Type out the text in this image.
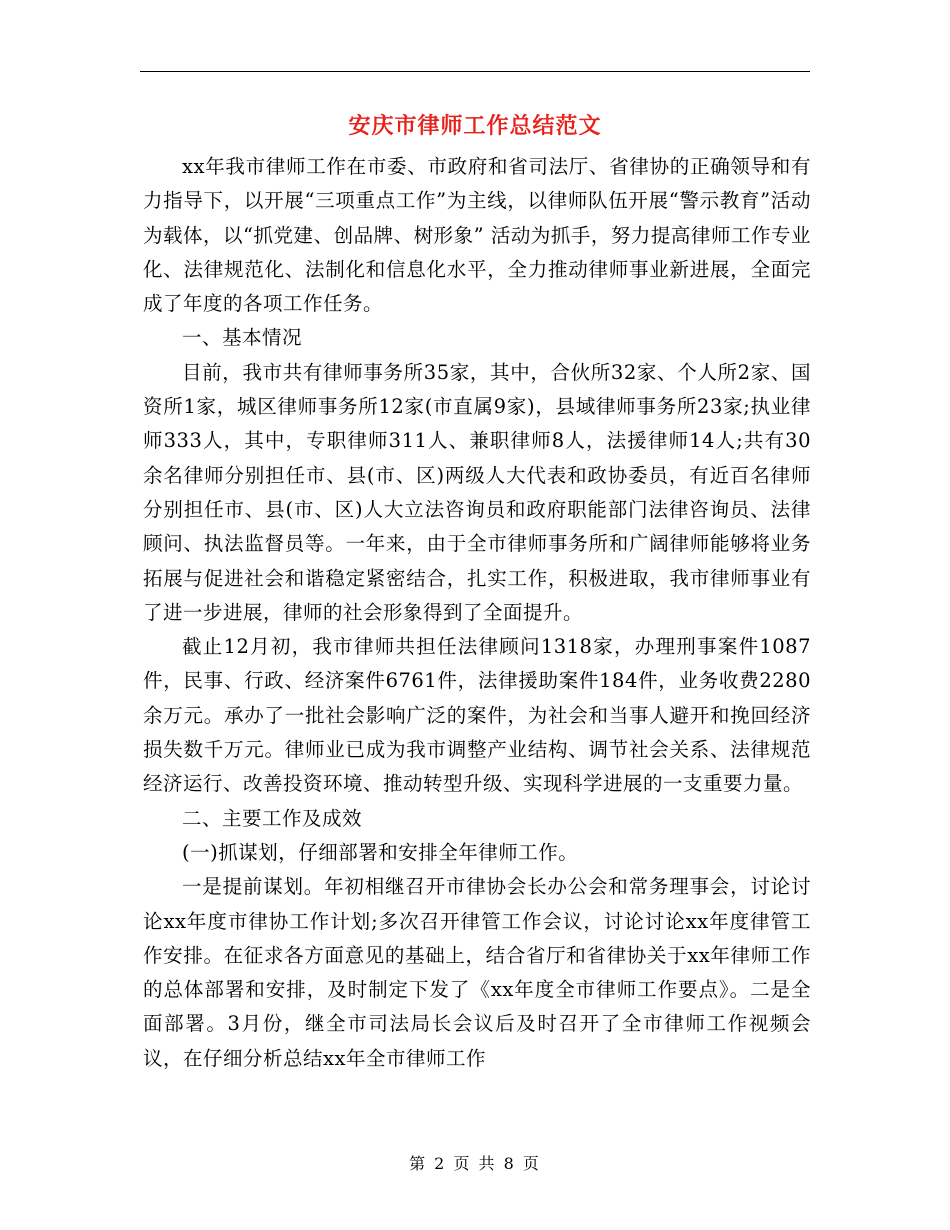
安庆市律师工作总结范文

xx年我市律师工作在市委、市政府和省司法厅、省律协的正确领导和有力指导下，以开展“三项重点工作”为主线，以律师队伍开展“警示教育”活动为载体，以“抓党建、创品牌、树形象” 活动为抓手，努力提高律师工作专业化、法律规范化、法制化和信息化水平，全力推动律师事业新进展，全面完成了年度的各项工作任务。

一、基本情况

目前，我市共有律师事务所35家，其中，合伙所32家、个人所2家、国资所1家，城区律师事务所12家(市直属9家)，县域律师事务所23家;执业律师333人，其中，专职律师311人、兼职律师8人，法援律师14人;共有30余名律师分别担任市、县(市、区)两级人大代表和政协委员，有近百名律师分别担任市、县(市、区)人大立法咨询员和政府职能部门法律咨询员、法律顾问、执法监督员等。一年来，由于全市律师事务所和广阔律师能够将业务拓展与促进社会和谐稳定紧密结合，扎实工作，积极进取，我市律师事业有了进一步进展，律师的社会形象得到了全面提升。

截止12月初，我市律师共担任法律顾问1318家，办理刑事案件1087件，民事、行政、经济案件6761件，法律援助案件184件，业务收费2280余万元。承办了一批社会影响广泛的案件，为社会和当事人避开和挽回经济损失数千万元。律师业已成为我市调整产业结构、调节社会关系、法律规范经济运行、改善投资环境、推动转型升级、实现科学进展的一支重要力量。

二、主要工作及成效

(一)抓谋划，仔细部署和安排全年律师工作。

一是提前谋划。年初相继召开市律协会长办公会和常务理事会，讨论讨论xx年度市律协工作计划;多次召开律管工作会议，讨论讨论xx年度律管工作安排。在征求各方面意见的基础上，结合省厅和省律协关于xx年律师工作的总体部署和安排，及时制定下发了《xx年度全市律师工作要点》。二是全面部署。3月份，继全市司法局长会议后及时召开了全市律师工作视频会议，在仔细分析总结xx年全市律师工作

第 2 页 共 8 页
